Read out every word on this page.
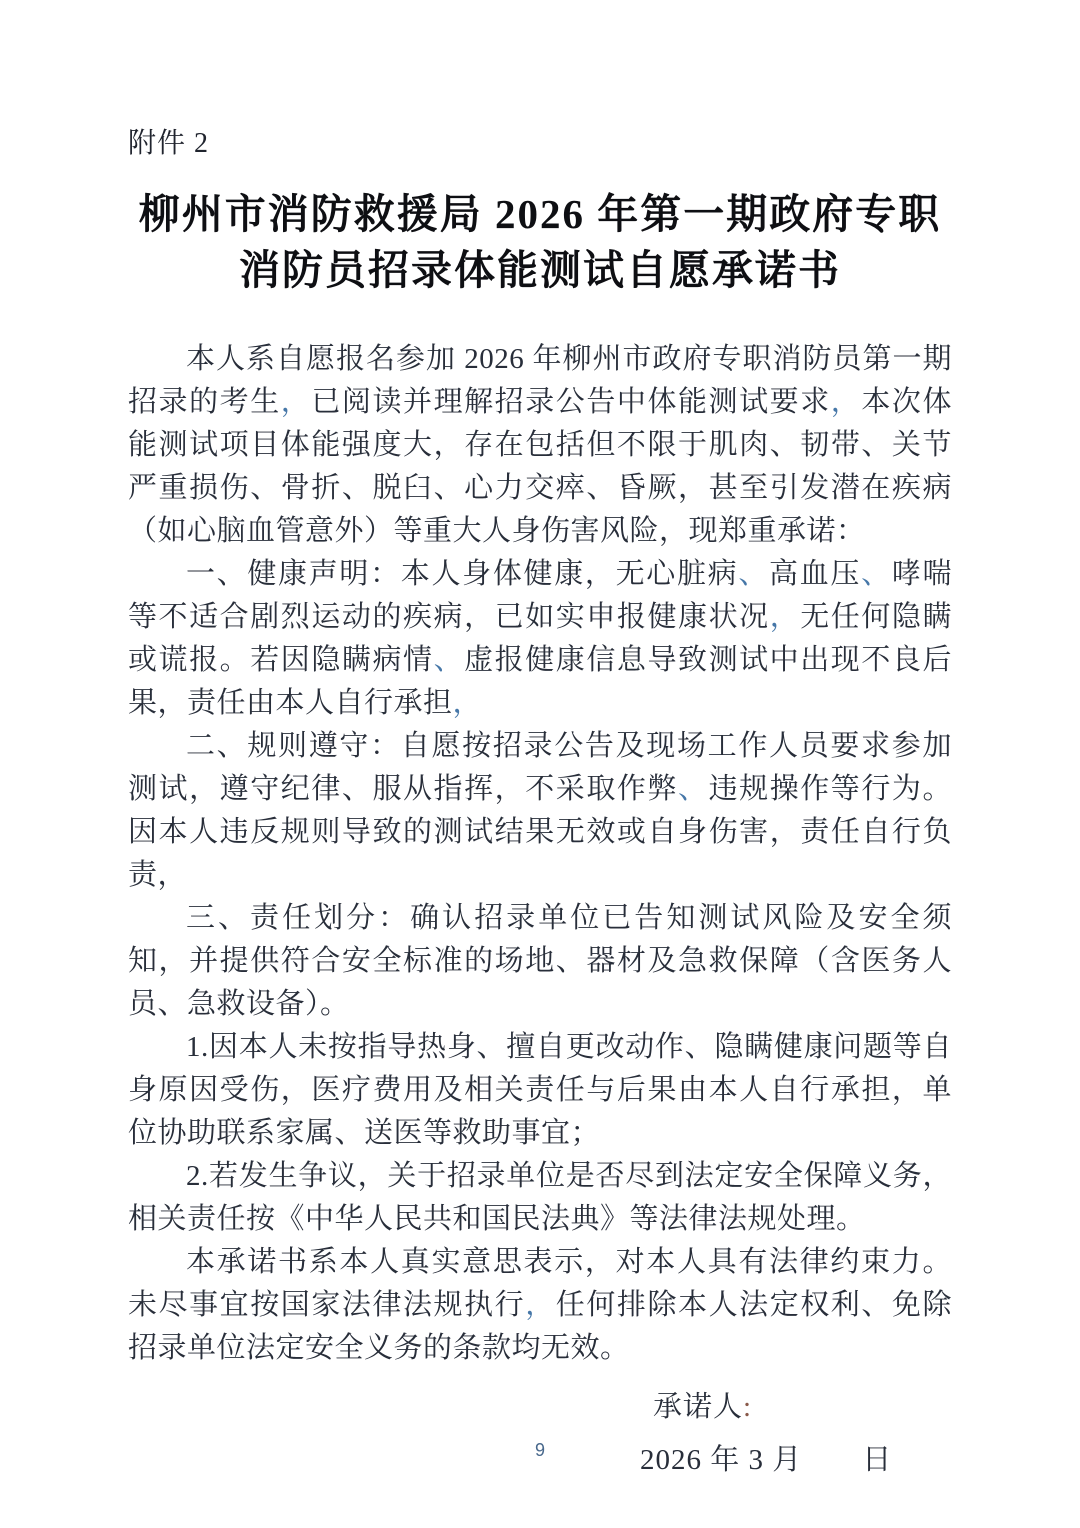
附件 2
柳州市消防救援局 2026 年第一期政府专职
消防员招录体能测试自愿承诺书

本人系自愿报名参加 2026 年柳州市政府专职消防员第一期招录的考生，已阅读并理解招录公告中体能测试要求，本次体能测试项目体能强度大，存在包括但不限于肌肉、韧带、关节严重损伤、骨折、脱臼、心力交瘁、昏厥，甚至引发潜在疾病（如心脑血管意外）等重大人身伤害风险，现郑重承诺：

一、健康声明：本人身体健康，无心脏病、高血压、哮喘等不适合剧烈运动的疾病，已如实申报健康状况，无任何隐瞒或谎报。若因隐瞒病情、虚报健康信息导致测试中出现不良后果，责任由本人自行承担，

二、规则遵守：自愿按招录公告及现场工作人员要求参加测试，遵守纪律、服从指挥，不采取作弊、违规操作等行为。因本人违反规则导致的测试结果无效或自身伤害，责任自行负责，

三、责任划分：确认招录单位已告知测试风险及安全须知，并提供符合安全标准的场地、器材及急救保障（含医务人员、急救设备）。

1.因本人未按指导热身、擅自更改动作、隐瞒健康问题等自身原因受伤，医疗费用及相关责任与后果由本人自行承担，单位协助联系家属、送医等救助事宜；

2.若发生争议，关于招录单位是否尽到法定安全保障义务，相关责任按《中华人民共和国民法典》等法律法规处理。

本承诺书系本人真实意思表示，对本人具有法律约束力。未尽事宜按国家法律法规执行，任何排除本人法定权利、免除招录单位法定安全义务的条款均无效。

承诺人:
2026 年 3 月　　日
9
